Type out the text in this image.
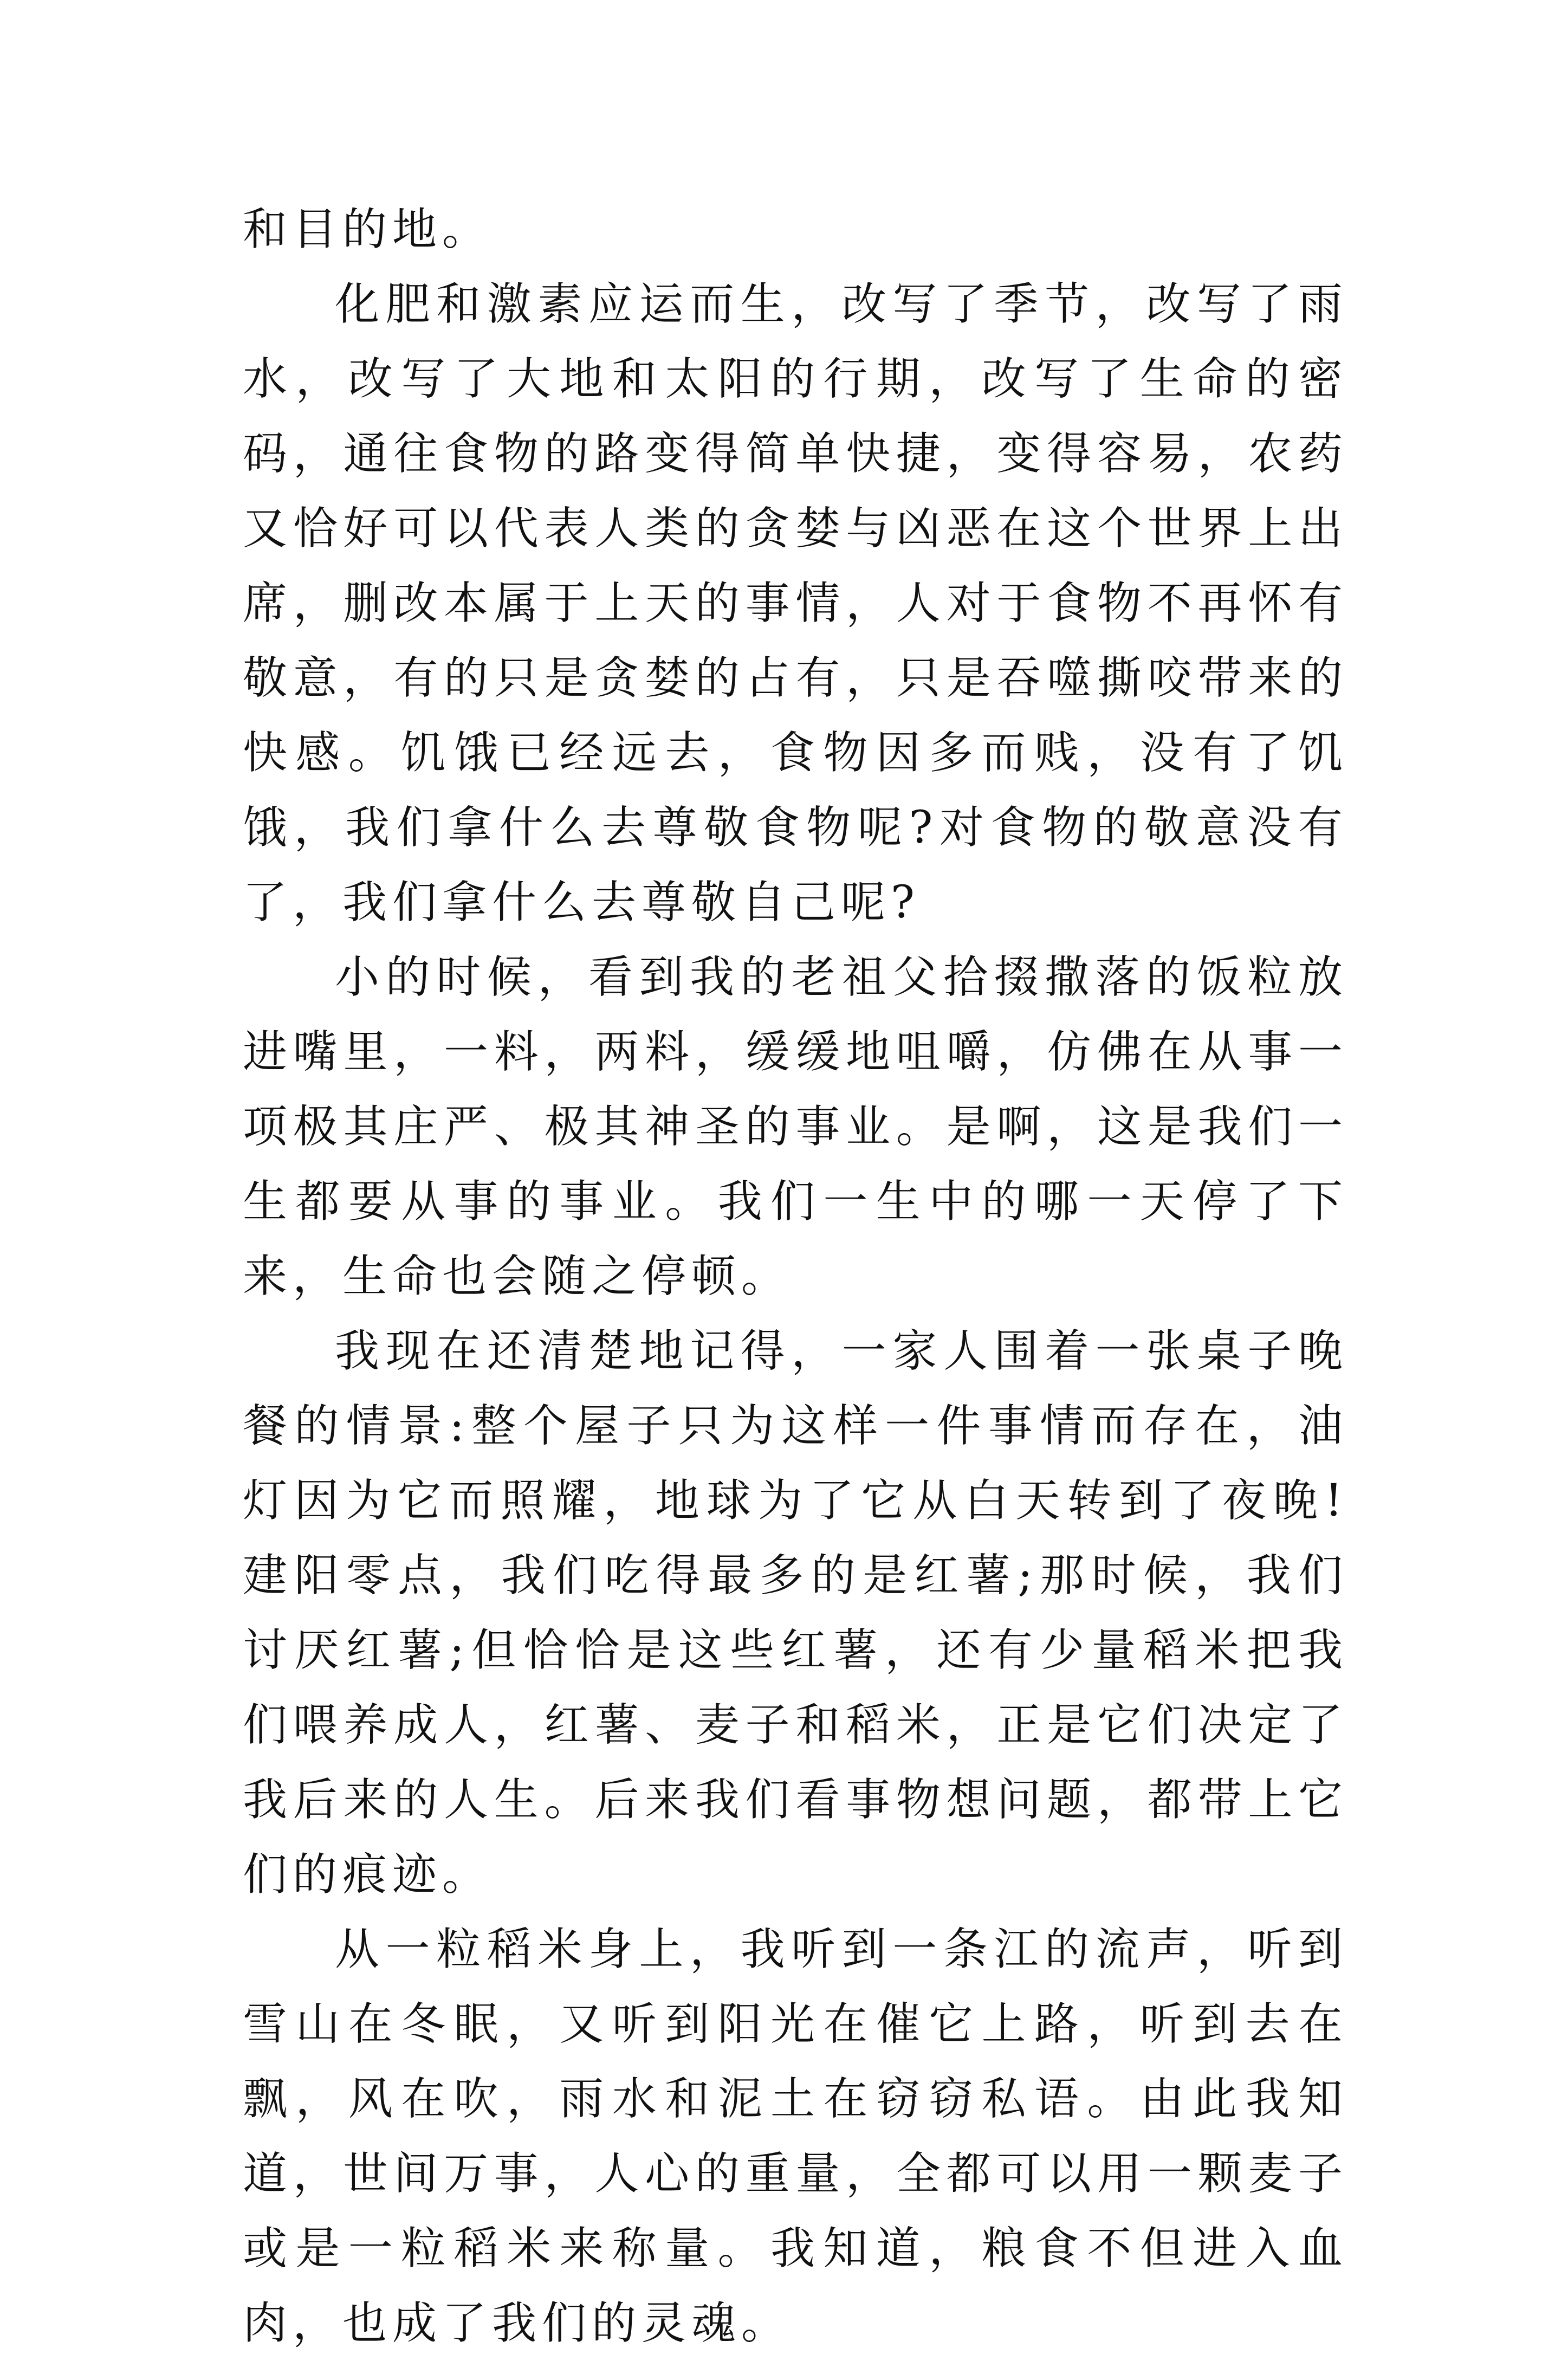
和目的地。

化肥和激素应运而生，改写了季节，改写了雨水，改写了大地和太阳的行期，改写了生命的密码，通往食物的路变得简单快捷，变得容易，农药又恰好可以代表人类的贪婪与凶恶在这个世界上出席，删改本属于上天的事情，人对于食物不再怀有敬意，有的只是贪婪的占有，只是吞噬撕咬带来的快感。饥饿已经远去，食物因多而贱，没有了饥饿，我们拿什么去尊敬食物呢?对食物的敬意没有了，我们拿什么去尊敬自己呢?

小的时候，看到我的老祖父拾掇撒落的饭粒放进嘴里，一料，两料，缓缓地咀嚼，仿佛在从事一项极其庄严、极其神圣的事业。是啊，这是我们一生都要从事的事业。我们一生中的哪一天停了下来，生命也会随之停顿。

我现在还清楚地记得，一家人围着一张桌子晚餐的情景:整个屋子只为这样一件事情而存在，油灯因为它而照耀，地球为了它从白天转到了夜晚!建阳零点，我们吃得最多的是红薯;那时候，我们讨厌红薯;但恰恰是这些红薯，还有少量稻米把我们喂养成人，红薯、麦子和稻米，正是它们决定了我后来的人生。后来我们看事物想问题，都带上它们的痕迹。

从一粒稻米身上，我听到一条江的流声，听到雪山在冬眠，又听到阳光在催它上路，听到去在飘，风在吹，雨水和泥土在窃窃私语。由此我知道，世间万事，人心的重量，全都可以用一颗麦子或是一粒稻米来称量。我知道，粮食不但进入血肉，也成了我们的灵魂。
